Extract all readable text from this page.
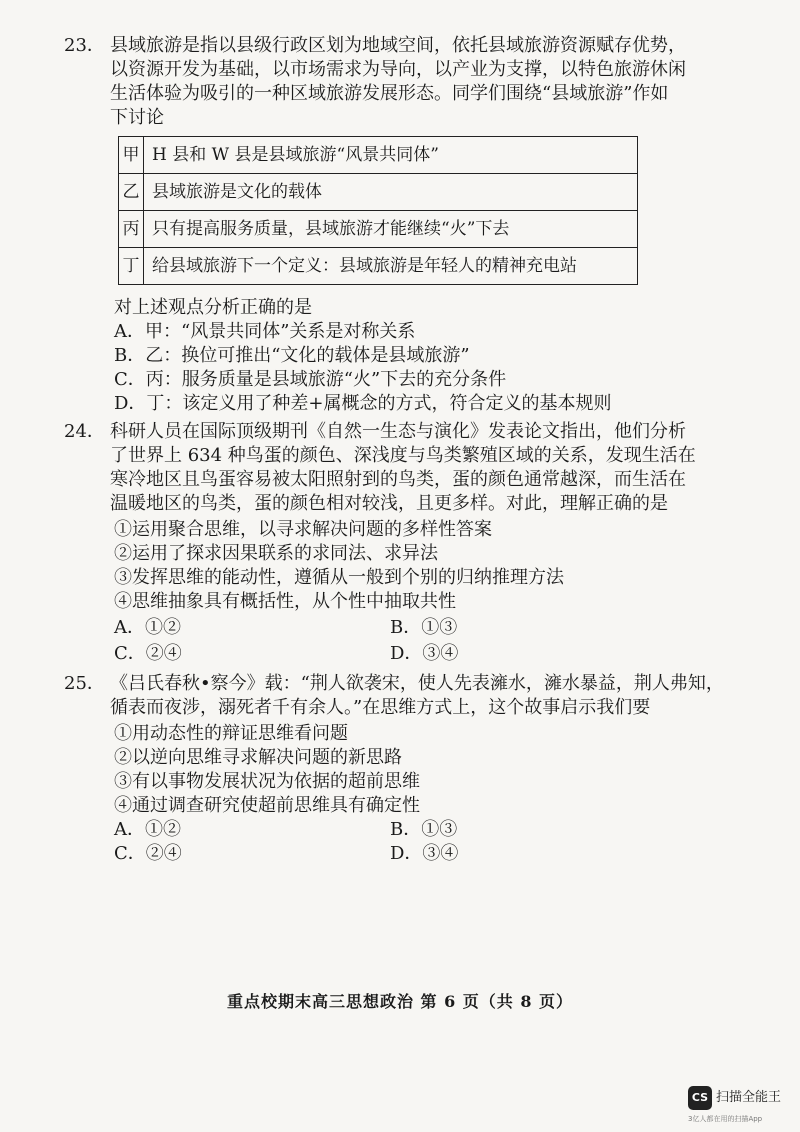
23． 县域旅游是指以县级行政区划为地域空间，依托县域旅游资源赋存优势，
以资源开发为基础，以市场需求为导向，以产业为支撑，以特色旅游休闲
生活体验为吸引的一种区域旅游发展形态。同学们围绕“县域旅游”作如
下讨论
甲	H 县和 W 县是县域旅游“风景共同体”
乙	县域旅游是文化的载体
丙	只有提高服务质量，县域旅游才能继续“火”下去
丁	给县域旅游下一个定义：县域旅游是年轻人的精神充电站
对上述观点分析正确的是
A．甲：“风景共同体”关系是对称关系
B．乙：换位可推出“文化的载体是县域旅游”
C．丙：服务质量是县域旅游“火”下去的充分条件
D．丁：该定义用了种差+属概念的方式，符合定义的基本规则
24． 科研人员在国际顶级期刊《自然一生态与演化》发表论文指出，他们分析
了世界上 634 种鸟蛋的颜色、深浅度与鸟类繁殖区域的关系，发现生活在
寒冷地区且鸟蛋容易被太阳照射到的鸟类，蛋的颜色通常越深，而生活在
温暖地区的鸟类，蛋的颜色相对较浅，且更多样。对此，理解正确的是
①运用聚合思维，以寻求解决问题的多样性答案
②运用了探求因果联系的求同法、求异法
③发挥思维的能动性，遵循从一般到个别的归纳推理方法
④思维抽象具有概括性，从个性中抽取共性
A．①②	B．①③
C．②④	D．③④
25． 《吕氏春秋•察今》载：“荆人欲袭宋，使人先表澭水，澭水暴益，荆人弗知，
循表而夜涉，溺死者千有余人。”在思维方式上，这个故事启示我们要
①用动态性的辩证思维看问题
②以逆向思维寻求解决问题的新思路
③有以事物发展状况为依据的超前思维
④通过调查研究使超前思维具有确定性
A．①②	B．①③
C．②④	D．③④
重点校期末高三思想政治 第 6 页（共 8 页）
CS 扫描全能王
3亿人都在用的扫描App
